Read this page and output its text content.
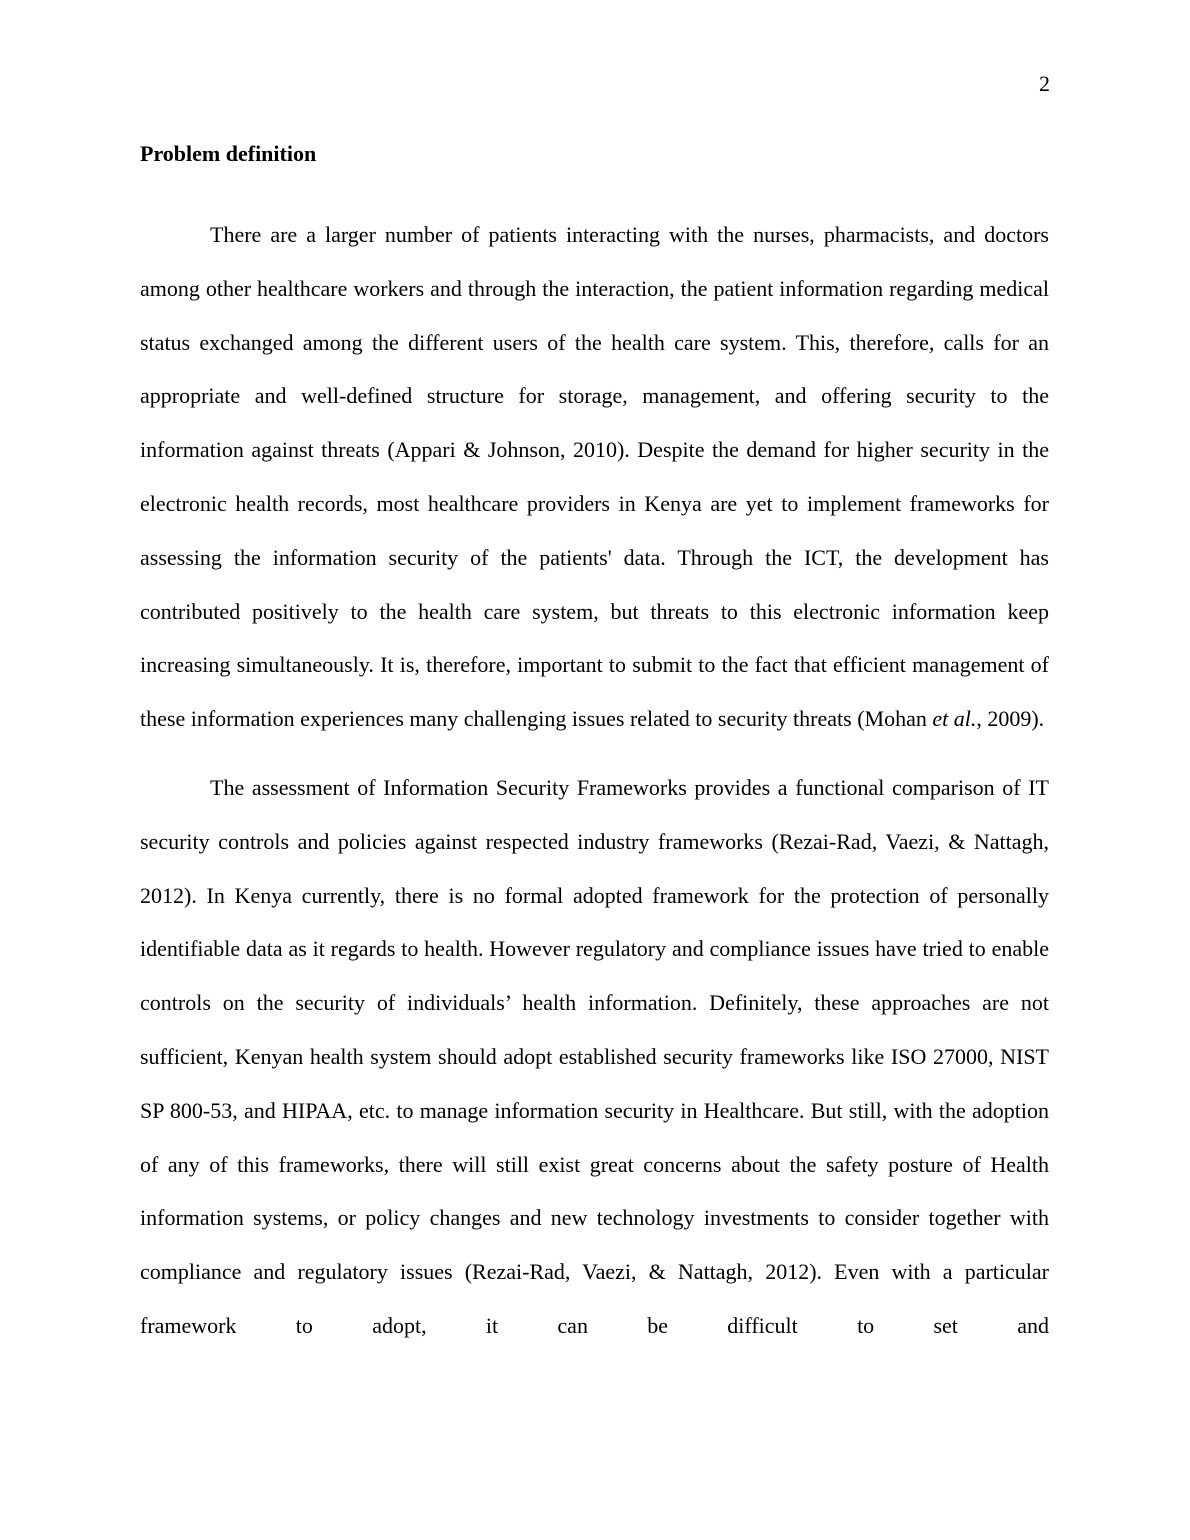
2
Problem definition

There are a larger number of patients interacting with the nurses, pharmacists, and doctors among other healthcare workers and through the interaction, the patient information regarding medical status exchanged among the different users of the health care system. This, therefore, calls for an appropriate and well-defined structure for storage, management, and offering security to the information against threats (Appari & Johnson, 2010). Despite the demand for higher security in the electronic health records, most healthcare providers in Kenya are yet to implement frameworks for assessing the information security of the patients' data. Through the ICT, the development has contributed positively to the health care system, but threats to this electronic information keep increasing simultaneously. It is, therefore, important to submit to the fact that efficient management of these information experiences many challenging issues related to security threats (Mohan et al., 2009).

The assessment of Information Security Frameworks provides a functional comparison of IT security controls and policies against respected industry frameworks (Rezai-Rad, Vaezi, & Nattagh, 2012). In Kenya currently, there is no formal adopted framework for the protection of personally identifiable data as it regards to health. However regulatory and compliance issues have tried to enable controls on the security of individuals’ health information. Definitely, these approaches are not sufficient, Kenyan health system should adopt established security frameworks like ISO 27000, NIST SP 800-53, and HIPAA, etc. to manage information security in Healthcare. But still, with the adoption of any of this frameworks, there will still exist great concerns about the safety posture of Health information systems, or policy changes and new technology investments to consider together with compliance and regulatory issues (Rezai-Rad, Vaezi, & Nattagh, 2012). Even with a particular framework to adopt, it can be difficult to set and
